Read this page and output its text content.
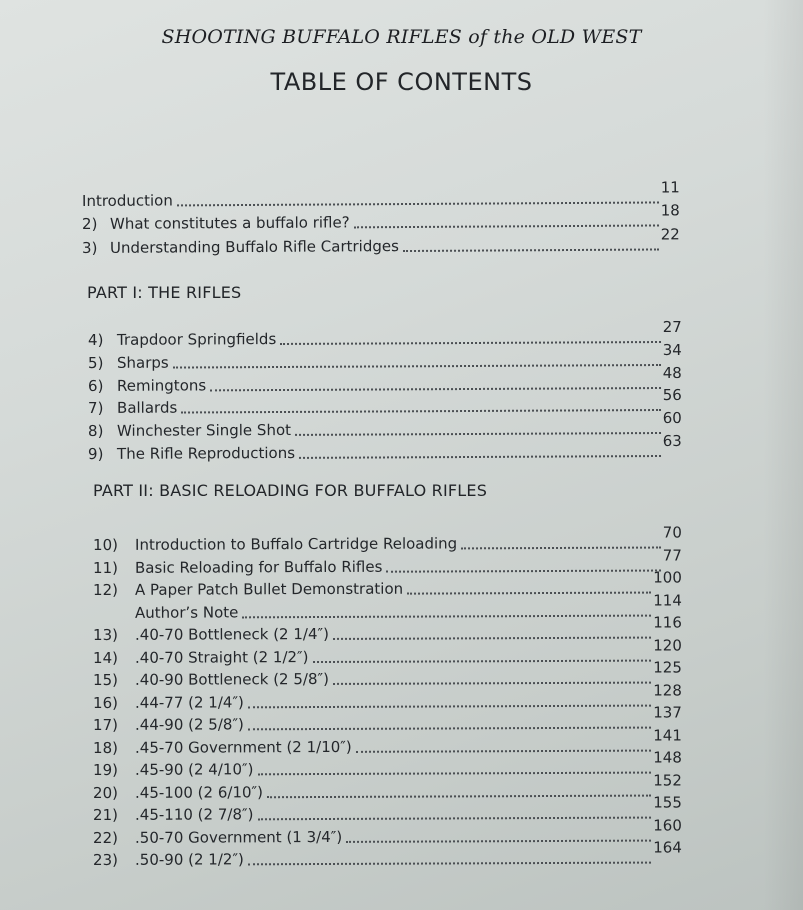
SHOOTING BUFFALO RIFLES of the OLD WEST
TABLE OF CONTENTS
Introduction
11
2) What constitutes a buffalo rifle?
18
3) Understanding Buffalo Rifle Cartridges
22
PART I: THE RIFLES
4) Trapdoor Springfields
27
5) Sharps
34
6) Remingtons
48
7) Ballards
56
8) Winchester Single Shot
60
9) The Rifle Reproductions
63
PART II: BASIC RELOADING FOR BUFFALO RIFLES
10) Introduction to Buffalo Cartridge Reloading
70
11) Basic Reloading for Buffalo Rifles
77
12) A Paper Patch Bullet Demonstration
100
Author’s Note
114
13) .40-70 Bottleneck (2 1/4″)
116
14) .40-70 Straight (2 1/2″)
120
15) .40-90 Bottleneck (2 5/8″)
125
16) .44-77 (2 1/4″)
128
17) .44-90 (2 5/8″)
137
18) .45-70 Government (2 1/10″)
141
19) .45-90 (2 4/10″)
148
20) .45-100 (2 6/10″)
152
21) .45-110 (2 7/8″)
155
22) .50-70 Government (1 3/4″)
160
23) .50-90 (2 1/2″)
164
